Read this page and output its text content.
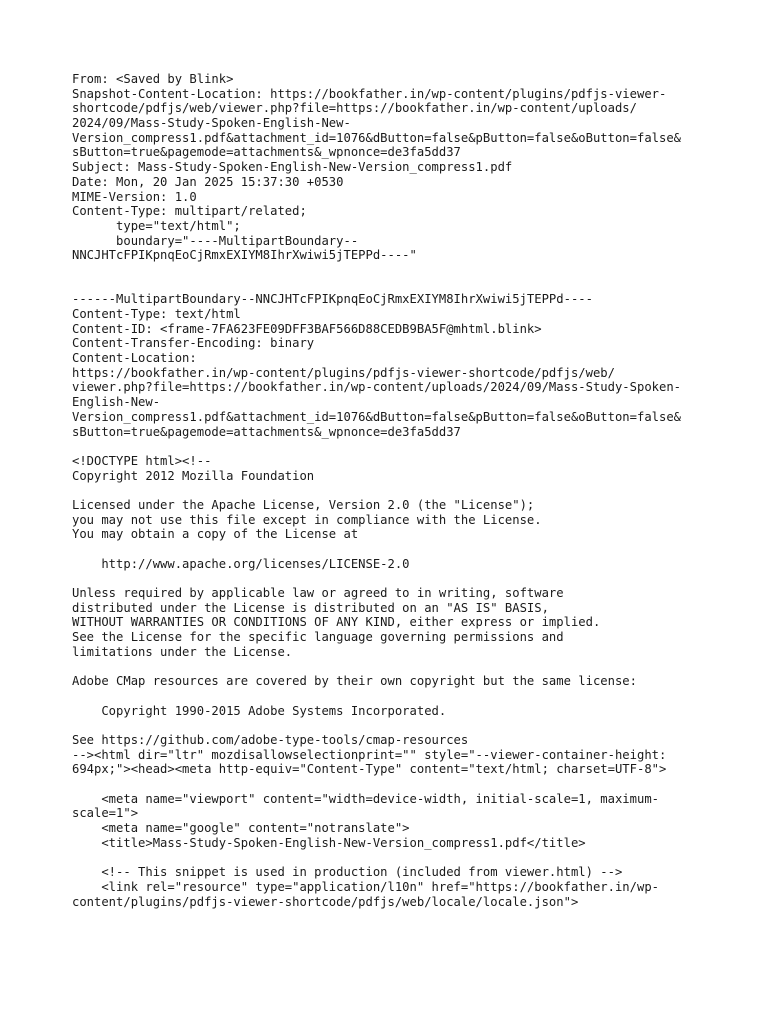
From: <Saved by Blink>
Snapshot-Content-Location: https://bookfather.in/wp-content/plugins/pdfjs-viewer-
shortcode/pdfjs/web/viewer.php?file=https://bookfather.in/wp-content/uploads/
2024/09/Mass-Study-Spoken-English-New-
Version_compress1.pdf&attachment_id=1076&dButton=false&pButton=false&oButton=false&
sButton=true&pagemode=attachments&_wpnonce=de3fa5dd37
Subject: Mass-Study-Spoken-English-New-Version_compress1.pdf
Date: Mon, 20 Jan 2025 15:37:30 +0530
MIME-Version: 1.0
Content-Type: multipart/related;
type="text/html";
boundary="----MultipartBoundary--
NNCJHTcFPIKpnqEoCjRmxEXIYM8IhrXwiwi5jTEPPd----"
------MultipartBoundary--NNCJHTcFPIKpnqEoCjRmxEXIYM8IhrXwiwi5jTEPPd----
Content-Type: text/html
Content-ID: <frame-7FA623FE09DFF3BAF566D88CEDB9BA5F@mhtml.blink>
Content-Transfer-Encoding: binary
Content-Location:
https://bookfather.in/wp-content/plugins/pdfjs-viewer-shortcode/pdfjs/web/
viewer.php?file=https://bookfather.in/wp-content/uploads/2024/09/Mass-Study-Spoken-
English-New-
Version_compress1.pdf&attachment_id=1076&dButton=false&pButton=false&oButton=false&
sButton=true&pagemode=attachments&_wpnonce=de3fa5dd37
<!DOCTYPE html><!--
Copyright 2012 Mozilla Foundation
Licensed under the Apache License, Version 2.0 (the "License");
you may not use this file except in compliance with the License.
You may obtain a copy of the License at
http://www.apache.org/licenses/LICENSE-2.0
Unless required by applicable law or agreed to in writing, software
distributed under the License is distributed on an "AS IS" BASIS,
WITHOUT WARRANTIES OR CONDITIONS OF ANY KIND, either express or implied.
See the License for the specific language governing permissions and
limitations under the License.
Adobe CMap resources are covered by their own copyright but the same license:
Copyright 1990-2015 Adobe Systems Incorporated.
See https://github.com/adobe-type-tools/cmap-resources
--><html dir="ltr" mozdisallowselectionprint="" style="--viewer-container-height:
694px;"><head><meta http-equiv="Content-Type" content="text/html; charset=UTF-8">
<meta name="viewport" content="width=device-width, initial-scale=1, maximum-
scale=1">
<meta name="google" content="notranslate">
<title>Mass-Study-Spoken-English-New-Version_compress1.pdf</title>
<!-- This snippet is used in production (included from viewer.html) -->
<link rel="resource" type="application/l10n" href="https://bookfather.in/wp-
content/plugins/pdfjs-viewer-shortcode/pdfjs/web/locale/locale.json">
